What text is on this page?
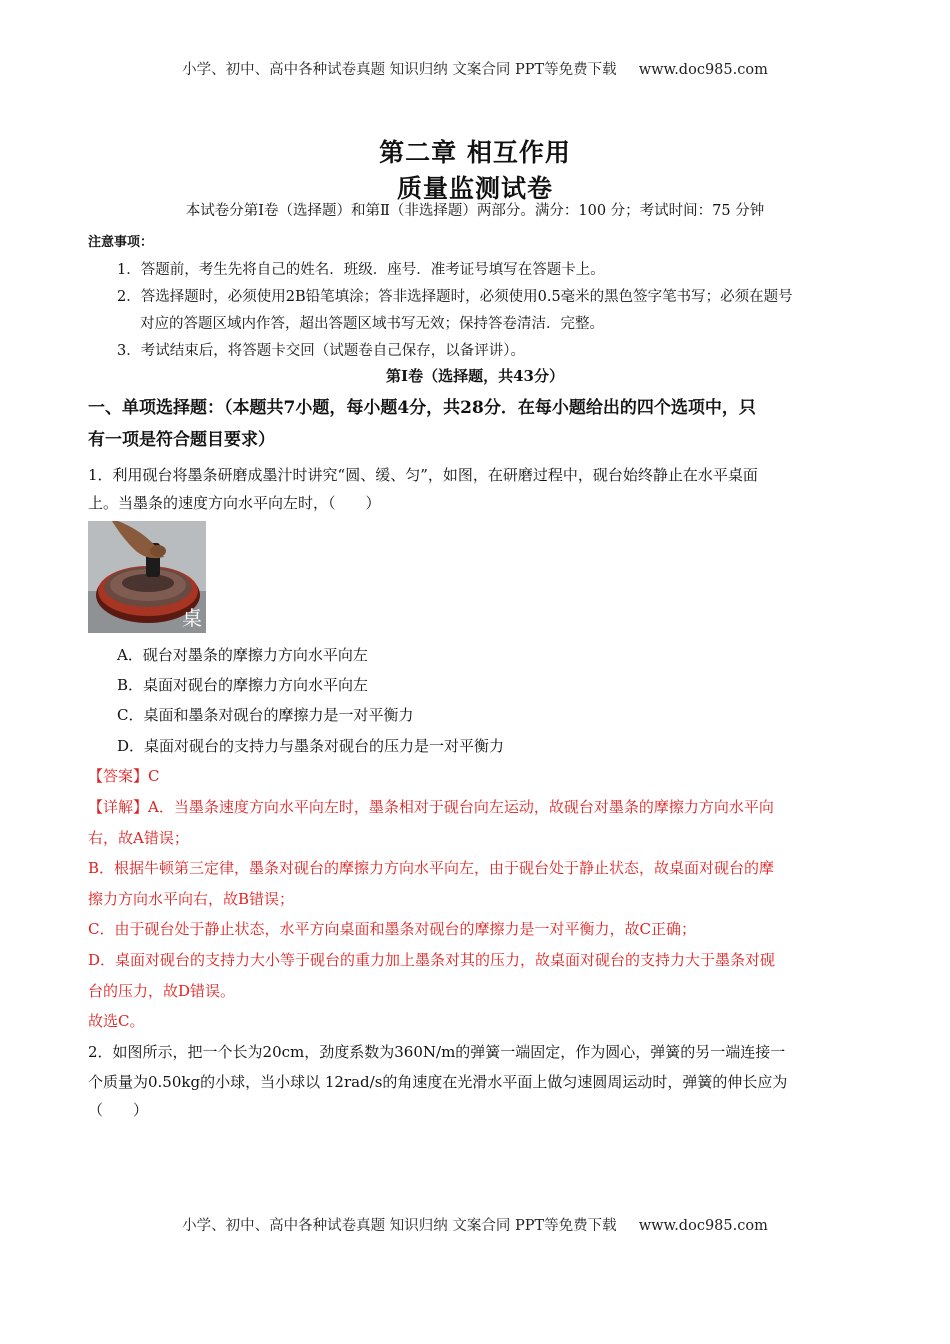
小学、初中、高中各种试卷真题 知识归纳 文案合同 PPT等免费下载 www.doc985.com
第二章 相互作用
质量监测试卷
本试卷分第Ⅰ卷（选择题）和第Ⅱ（非选择题）两部分。满分：100 分；考试时间：75 分钟
注意事项：
1．答题前，考生先将自己的姓名．班级．座号．准考证号填写在答题卡上。
2．答选择题时，必须使用2B铅笔填涂；答非选择题时，必须使用0.5毫米的黑色签字笔书写；必须在题号
对应的答题区域内作答，超出答题区域书写无效；保持答卷清洁．完整。
3．考试结束后，将答题卡交回（试题卷自己保存，以备评讲）。
第Ⅰ卷（选择题，共43分）
一、单项选择题：（本题共7小题，每小题4分，共28分．在每小题给出的四个选项中，只
有一项是符合题目要求）
1．利用砚台将墨条研磨成墨汁时讲究“圆、缓、匀”，如图，在研磨过程中，砚台始终静止在水平桌面
上。当墨条的速度方向水平向左时，（　　）
桌
A．砚台对墨条的摩擦力方向水平向左
B．桌面对砚台的摩擦力方向水平向左
C．桌面和墨条对砚台的摩擦力是一对平衡力
D．桌面对砚台的支持力与墨条对砚台的压力是一对平衡力
【答案】C
【详解】A．当墨条速度方向水平向左时，墨条相对于砚台向左运动，故砚台对墨条的摩擦力方向水平向
右，故A错误；
B．根据牛顿第三定律，墨条对砚台的摩擦力方向水平向左，由于砚台处于静止状态，故桌面对砚台的摩
擦力方向水平向右，故B错误；
C．由于砚台处于静止状态，水平方向桌面和墨条对砚台的摩擦力是一对平衡力，故C正确；
D．桌面对砚台的支持力大小等于砚台的重力加上墨条对其的压力，故桌面对砚台的支持力大于墨条对砚
台的压力，故D错误。
故选C。
2．如图所示，把一个长为20cm，劲度系数为360N/m的弹簧一端固定，作为圆心，弹簧的另一端连接一
个质量为0.50kg的小球，当小球以 12rad/s的角速度在光滑水平面上做匀速圆周运动时，弹簧的伸长应为
（　　）
小学、初中、高中各种试卷真题 知识归纳 文案合同 PPT等免费下载 www.doc985.com
